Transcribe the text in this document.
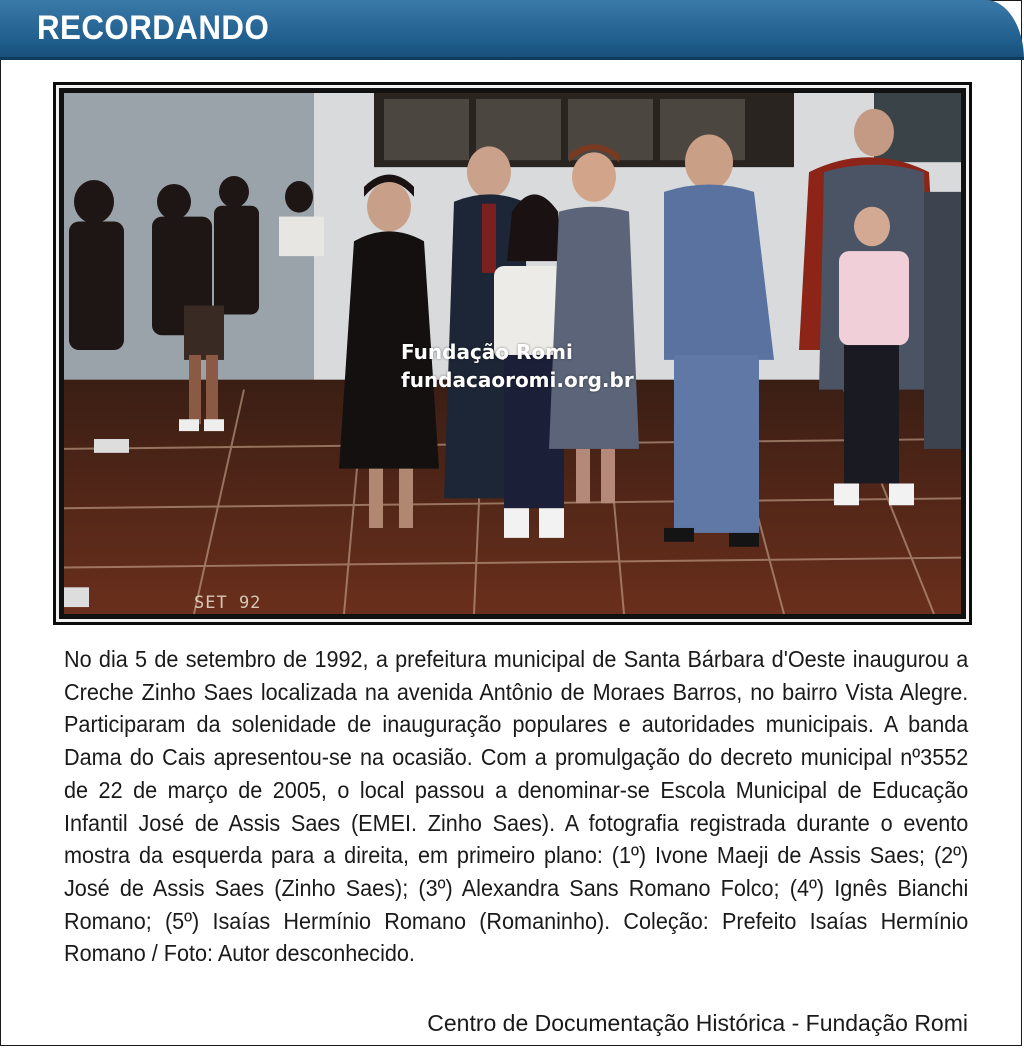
RECORDANDO
Fundação Romi
fundacaoromi.org.br
SET 92

No dia 5 de setembro de 1992, a prefeitura municipal de Santa Bárbara d'Oeste inaugurou a Creche Zinho Saes localizada na avenida Antônio de Moraes Barros, no bairro Vista Alegre. Participaram da solenidade de inauguração populares e autoridades municipais. A banda Dama do Cais apresentou-se na ocasião. Com a promulgação do decreto municipal nº3552 de 22 de março de 2005, o local passou a denominar-se Escola Municipal de Educação Infantil José de Assis Saes (EMEI. Zinho Saes). A fotografia registrada durante o evento mostra da esquerda para a direita, em primeiro plano: (1º) Ivone Maeji de Assis Saes; (2º) José de Assis Saes (Zinho Saes); (3º) Alexandra Sans Romano Folco; (4º) Ignês Bianchi Romano; (5º) Isaías Hermínio Romano (Romaninho). Coleção: Prefeito Isaías Hermínio Romano / Foto: Autor desconhecido.

Centro de Documentação Histórica - Fundação Romi
